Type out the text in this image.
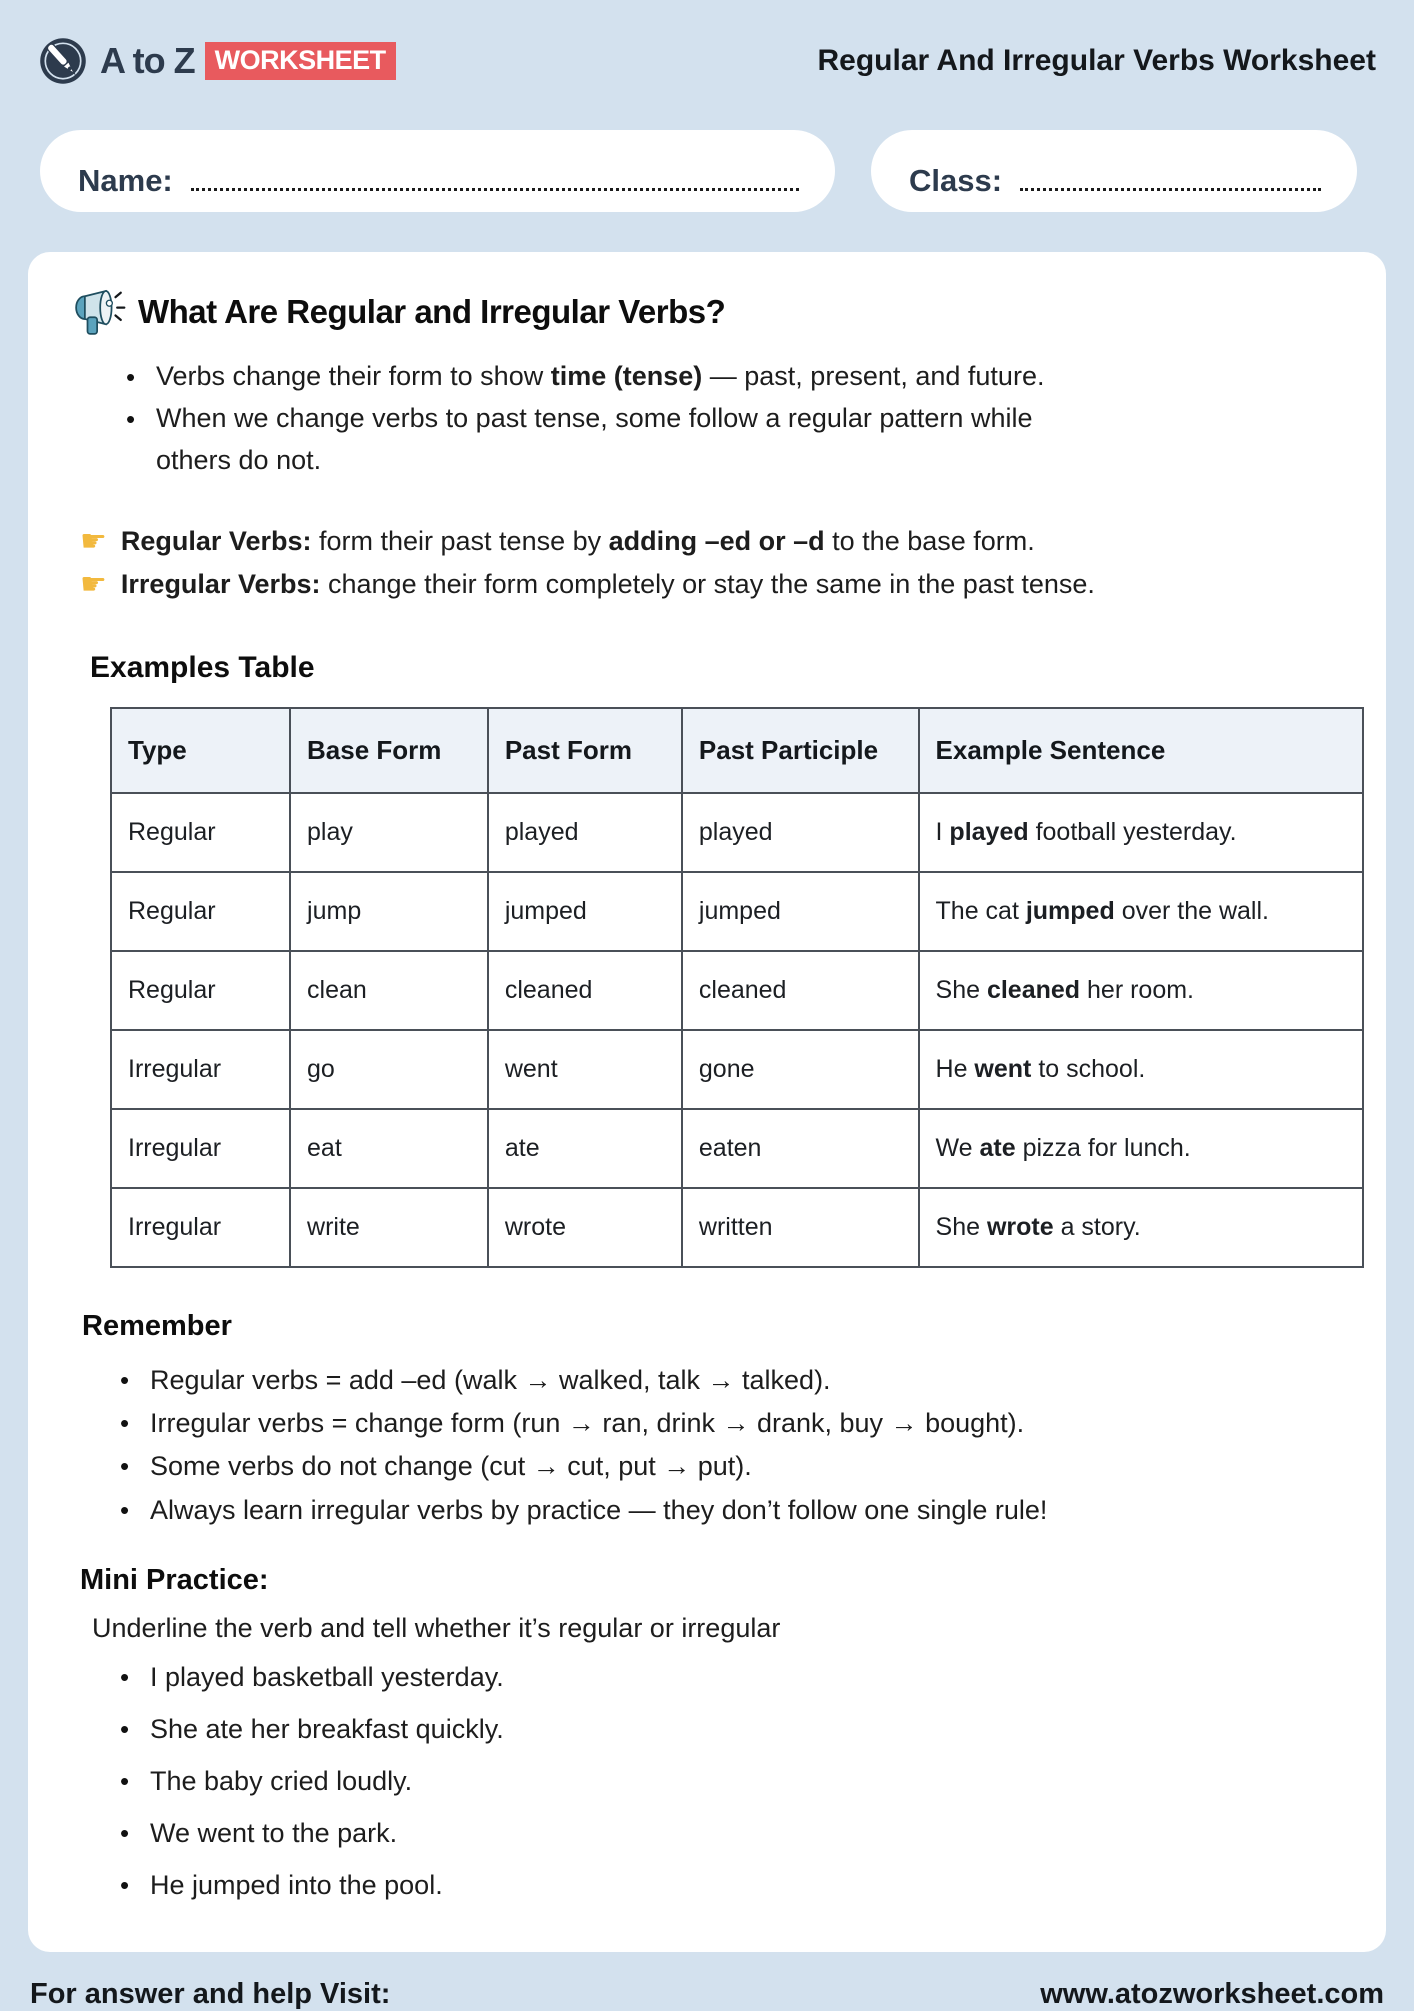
A to Z WORKSHEET	Regular And Irregular Verbs Worksheet
Name:	Class:
What Are Regular and Irregular Verbs?
• Verbs change their form to show time (tense) — past, present, and future.
• When we change verbs to past tense, some follow a regular pattern while others do not.
☛ Regular Verbs: form their past tense by adding –ed or –d to the base form.
☛ Irregular Verbs: change their form completely or stay the same in the past tense.
Examples Table
Type	Base Form	Past Form	Past Participle	Example Sentence
Regular	play	played	played	I played football yesterday.
Regular	jump	jumped	jumped	The cat jumped over the wall.
Regular	clean	cleaned	cleaned	She cleaned her room.
Irregular	go	went	gone	He went to school.
Irregular	eat	ate	eaten	We ate pizza for lunch.
Irregular	write	wrote	written	She wrote a story.
Remember
• Regular verbs = add –ed (walk → walked, talk → talked).
• Irregular verbs = change form (run → ran, drink → drank, buy → bought).
• Some verbs do not change (cut → cut, put → put).
• Always learn irregular verbs by practice — they don’t follow one single rule!
Mini Practice:
Underline the verb and tell whether it’s regular or irregular
• I played basketball yesterday.
• She ate her breakfast quickly.
• The baby cried loudly.
• We went to the park.
• He jumped into the pool.
For answer and help Visit:	www.atozworksheet.com
